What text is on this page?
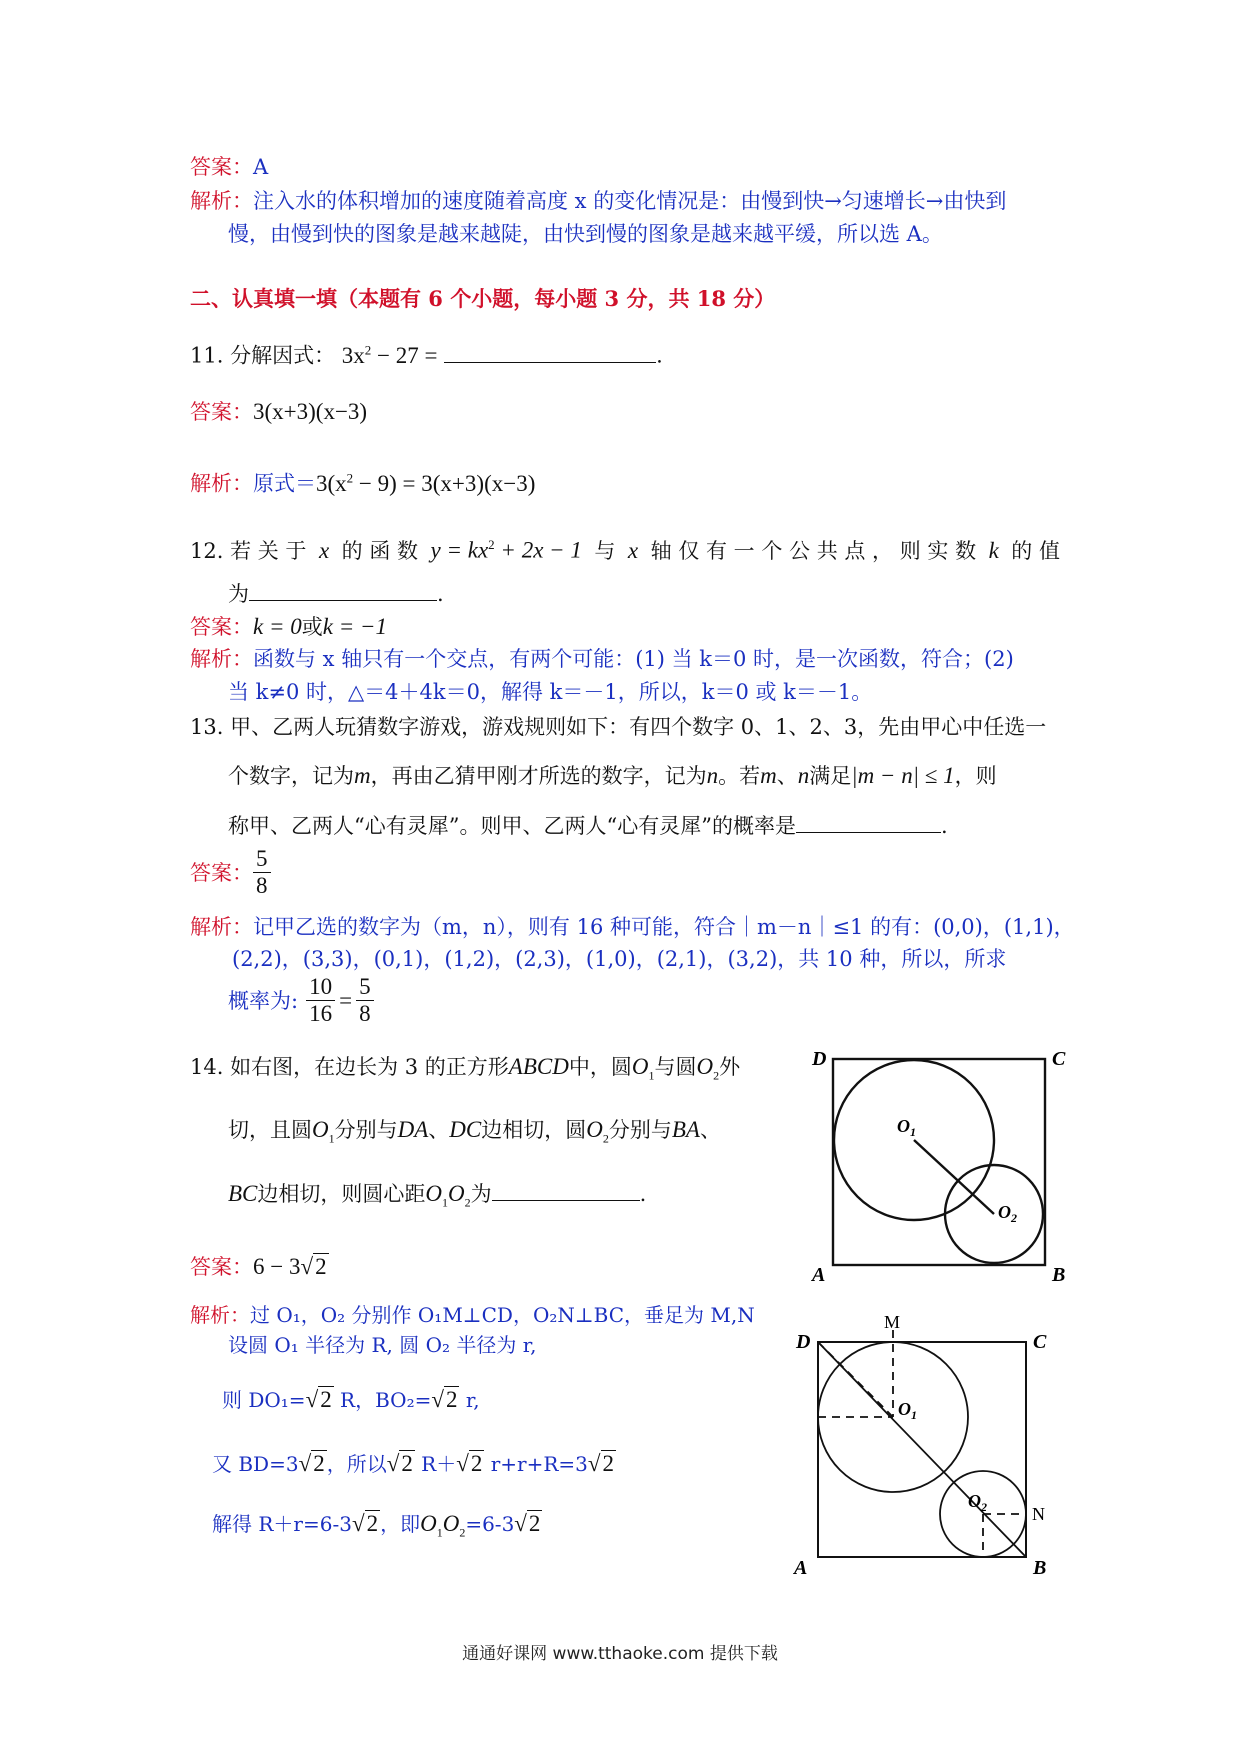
答案：A
解析：注入水的体积增加的速度随着高度 x 的变化情况是：由慢到快→匀速增长→由快到
慢，由慢到快的图象是越来越陡，由快到慢的图象是越来越平缓，所以选 A。
二、认真填一填（本题有 6 个小题，每小题 3 分，共 18 分）
11. 分解因式： $3x^2 - 27$ =	.
答案：3(x+3)(x−3)
解析：原式$=3(x^2 - 9) = 3(x+3)(x-3)$
12. 若 关 于 x 的 函 数 $y = kx^2 + 2x - 1$ 与 x 轴 仅 有 一 个 公 共 点 ， 则 实 数 k 的 值
为	.
答案：k = 0或k = −1
解析：函数与 x 轴只有一个交点，有两个可能：(1) 当 k＝0 时，是一次函数，符合；(2)
当 k≠0 时，△＝4＋4k＝0，解得 k＝－1，所以，k＝0 或 k＝－1。
13. 甲、乙两人玩猜数字游戏，游戏规则如下：有四个数字 0、1、2、3，先由甲心中任选一
个数字，记为m，再由乙猜甲刚才所选的数字，记为n。若m、n满足|m − n| ≤ 1，则
称甲、乙两人“心有灵犀”。则甲、乙两人“心有灵犀”的概率是	.
答案： $\frac{5}{8}$
解析：记甲乙选的数字为（m，n），则有 16 种可能，符合｜m－n｜≤1 的有：(0,0)，(1,1)，
(2,2)，(3,3)，(0,1)，(1,2)，(2,3)，(1,0)，(2,1)，(3,2)，共 10 种，所以，所求
概率为: $\frac{10}{16} = \frac{5}{8}$
14. 如右图，在边长为 3 的正方形ABCD中，圆$O_1$与圆$O_2$外
切，且圆$O_1$分别与DA、DC边相切，圆$O_2$分别与BA、
BC边相切，则圆心距$O_1O_2$为	.
答案：6 − 3√2
解析：过 O₁，O₂ 分别作 O₁M⊥CD，O₂N⊥BC，垂足为 M,N
设圆 O₁ 半径为 R, 圆 O₂ 半径为 r,
则 DO₁=√2 R，BO₂=√2 r,
又 BD=3√2 ，所以√2 R＋√2 r+r+R=3√2
解得 R＋r=6-3√2 ，即$O_1O_2=6-3√2$
D	C
A	B
$O_1$
$O_2$
D	C
A	B
M
N
$O_1$
$O_2$
通通好课网 www.tthaoke.com 提供下载
